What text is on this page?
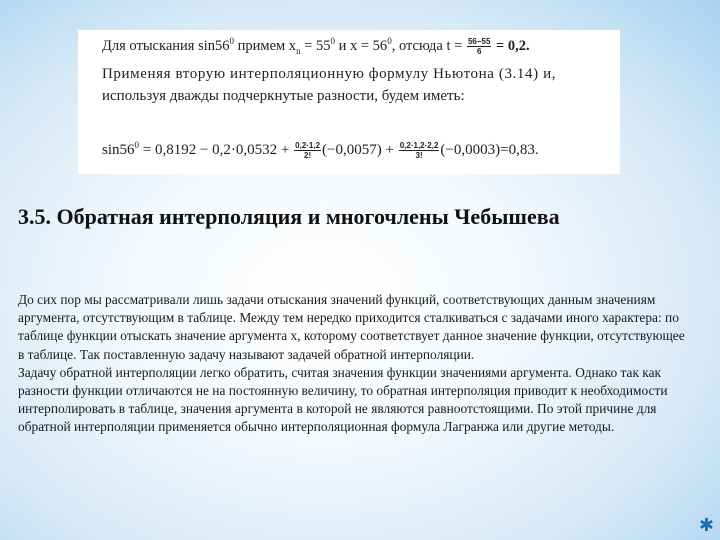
Для отыскания $\sin 56^0$ примем $x_n = 55^0$ и $x = 56^0$, отсюда $t = \frac{56-55}{6} = 0,2$.
Применяя вторую интерполяционную формулу Ньютона (3.14) и,
используя дважды подчеркнутые разности, будем иметь:
$\sin 56^0 = 0,8192 - 0,2\cdot 0,0532 + \frac{0,2\cdot 1,2}{2!} (-0,0057) + \frac{0,2\cdot 1,2\cdot 2,2}{3!} (-0,0003)=0,83$.
3.5. Обратная интерполяция и многочлены Чебышева

До сих пор мы рассматривали лишь задачи отыскания значений функций, соответствующих данным значениям аргумента, отсутствующим в таблице. Между тем нередко приходится сталкиваться с задачами иного характера: по таблице функции отыскать значение аргумента x, которому соответствует данное значение функции, отсутствующее в таблице. Так поставленную задачу называют задачей обратной интерполяции.

Задачу обратной интерполяции легко обратить, считая значения функции значениями аргумента. Однако так как разности функции отличаются не на постоянную величину, то обратная интерполяция приводит к необходимости интерполировать в таблице, значения аргумента в которой не являются равноотстоящими. По этой причине для обратной интерполяции применяется обычно интерполяционная формула Лагранжа или другие методы.

✱
